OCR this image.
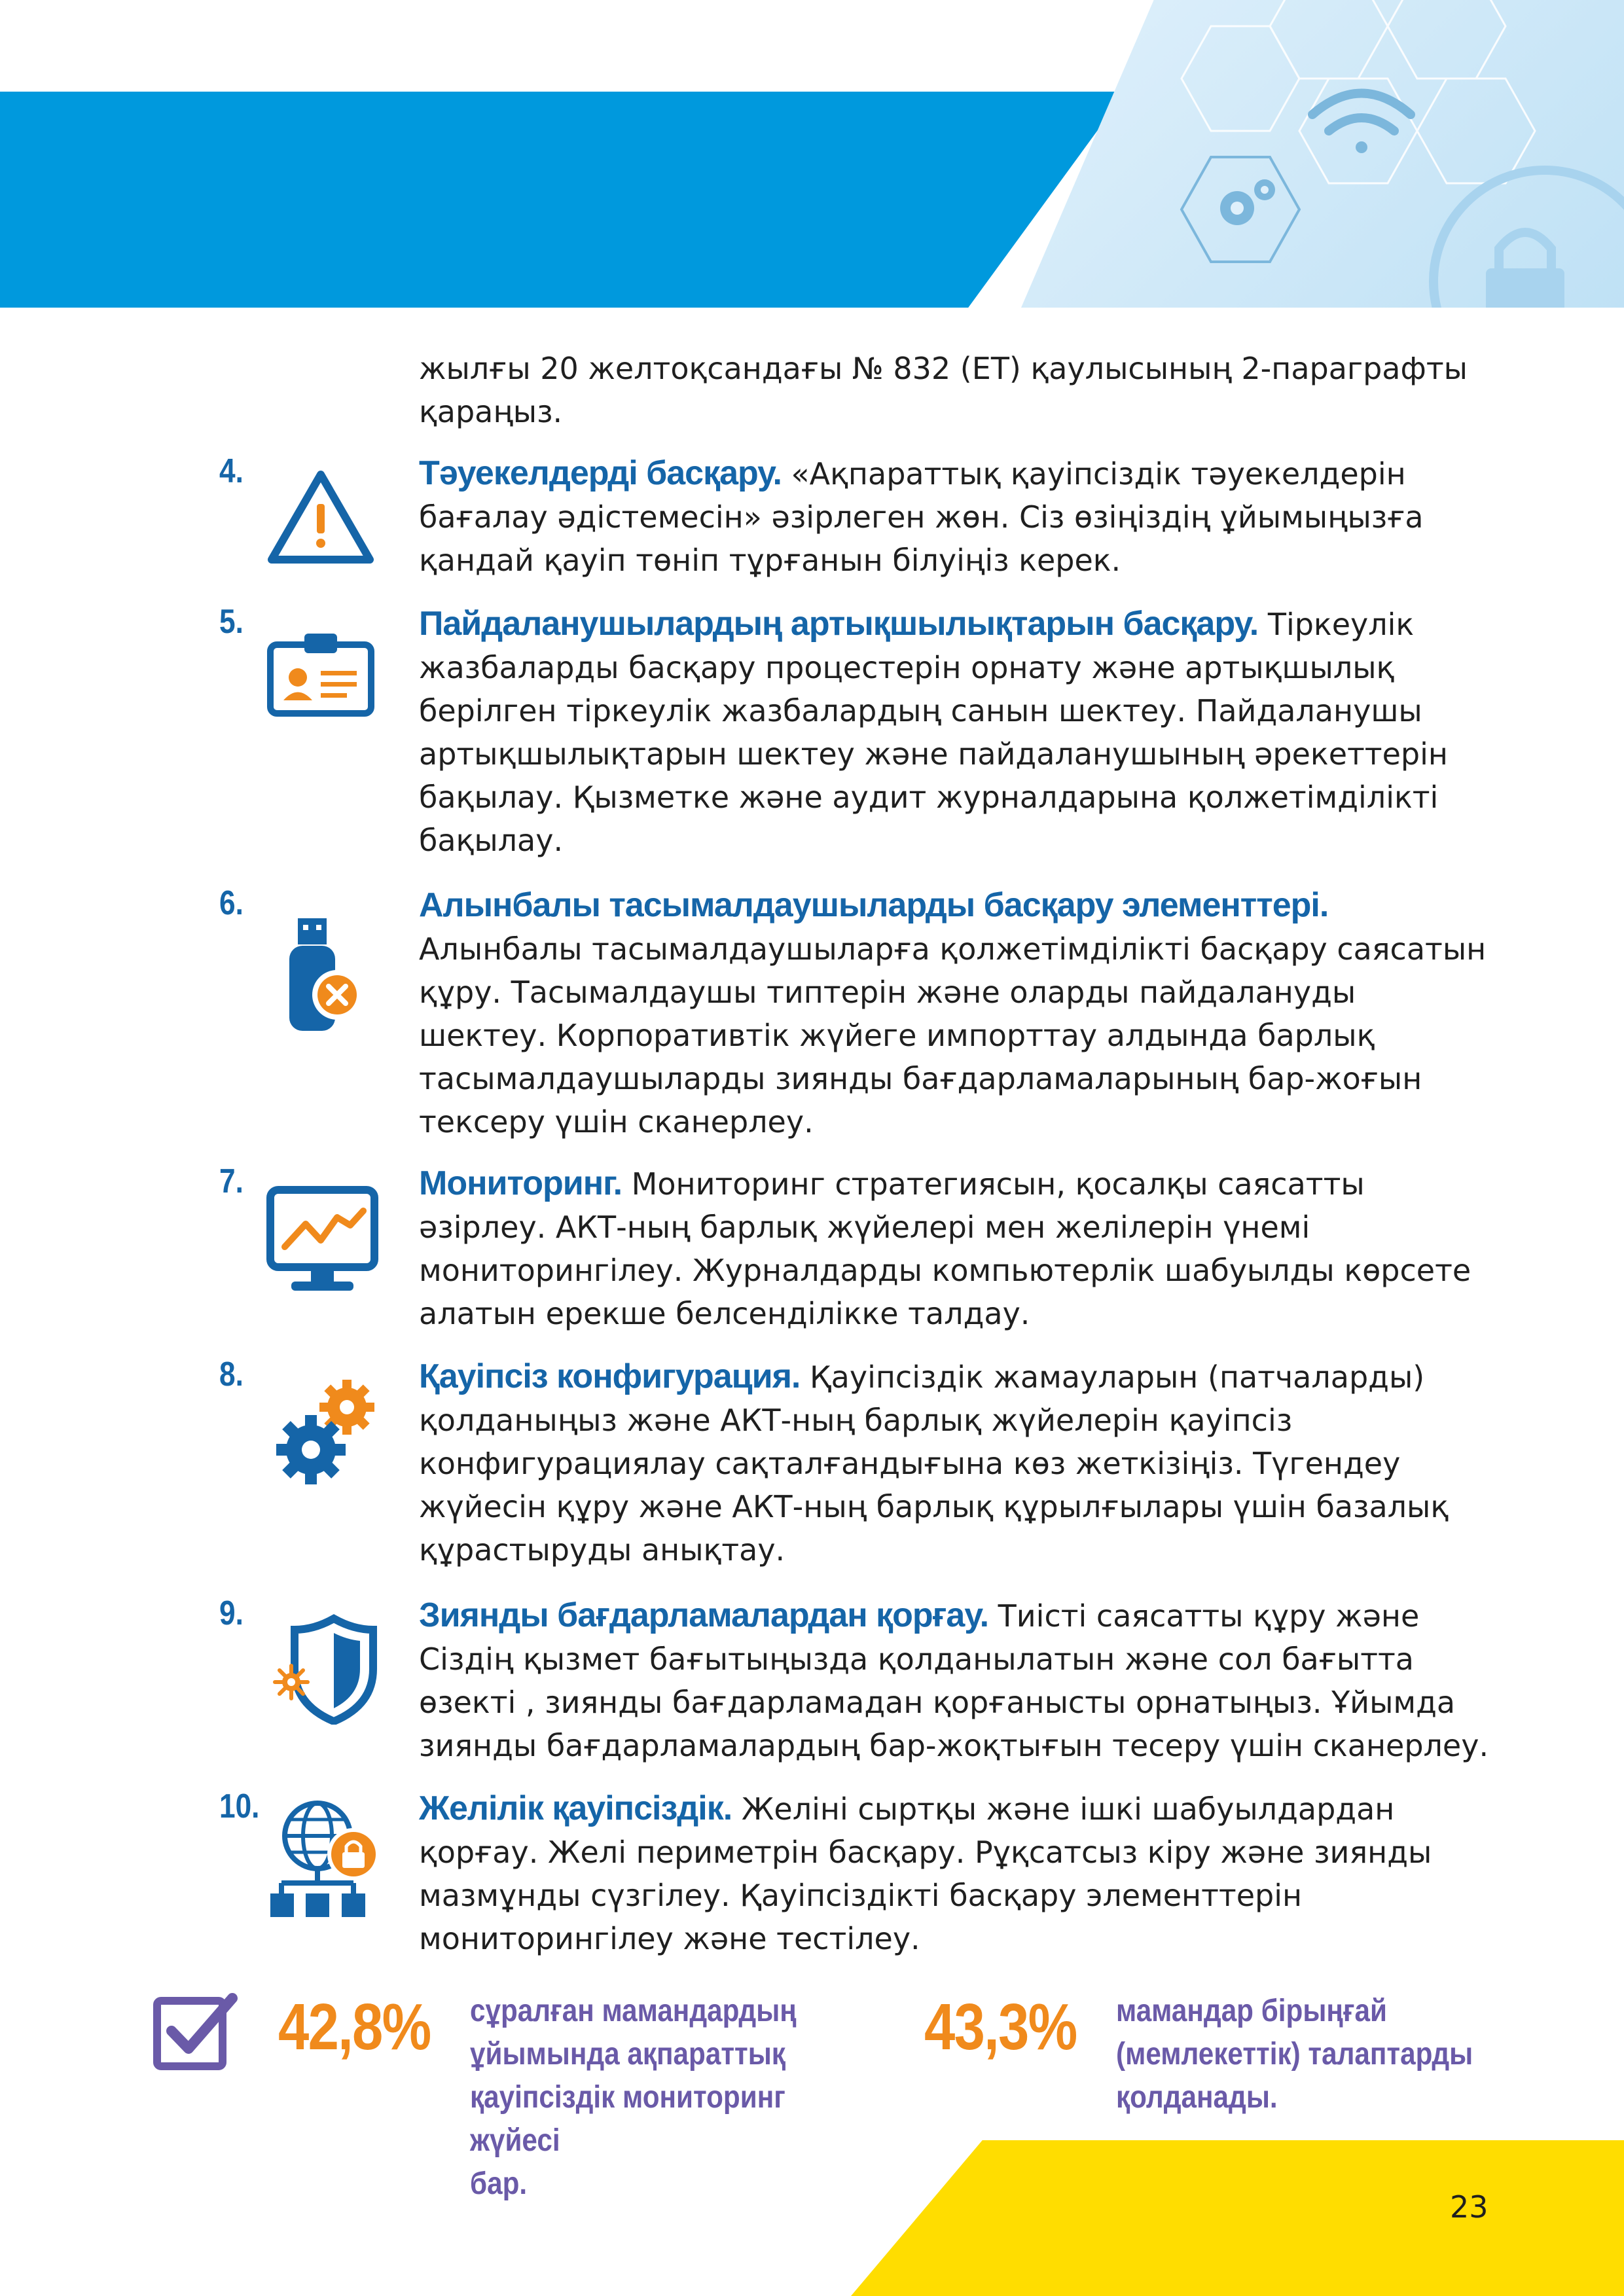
жылғы 20 желтоқсандағы № 832 (ЕТ) қаулысының 2-параграфты қараңыз.
4.	Тәуекелдерді басқару. «Ақпараттық қауіпсіздік тәуекелдерін бағалау әдістемесін» әзірлеген жөн. Сіз өзіңіздің ұйымыңызға қандай қауіп төніп тұрғанын білуіңіз керек.
5.	Пайдаланушылардың артықшылықтарын басқару. Тіркеулік жазбаларды басқару процестерін орнату және артықшылық берілген тіркеулік жазбалардың санын шектеу. Пайдаланушы артықшылықтарын шектеу және пайдаланушының әрекеттерін бақылау. Қызметке және аудит журналдарына қолжетімділікті бақылау.
6.	Алынбалы тасымалдаушыларды басқару элементтері. Алынбалы тасымалдаушыларға қолжетімділікті басқару саясатын құру. Тасымалдаушы типтерін және оларды пайдалануды шектеу. Корпоративтік жүйеге импорттау алдында барлық тасымалдаушыларды зиянды бағдарламаларының бар-жоғын тексеру үшін сканерлеу.
7.	Мониторинг. Мониторинг стратегиясын, қосалқы саясатты әзірлеу. АКТ-ның барлық жүйелері мен желілерін үнемі мониторингілеу. Журналдарды компьютерлік шабуылды көрсете алатын ерекше белсенділікке талдау.
8.	Қауіпсіз конфигурация. Қауіпсіздік жамауларын (патчаларды) қолданыңыз және АКТ-ның барлық жүйелерін қауіпсіз конфигурациялау сақталғандығына көз жеткізіңіз. Түгендеу жүйесін құру және АКТ-ның барлық құрылғылары үшін базалық құрастыруды анықтау.
9.	Зиянды бағдарламалардан қорғау. Тиісті саясатты құру және Сіздің қызмет бағытыңызда қолданылатын және сол бағытта өзекті , зиянды бағдарламадан қорғанысты орнатыңыз. Ұйымда зиянды бағдарламалардың бар-жоқтығын тесеру үшін сканерлеу.
10.	Желілік қауіпсіздік. Желіні сыртқы және ішкі шабуылдардан қорғау. Желі периметрін басқару. Рұқсатсыз кіру және зиянды мазмұнды сүзгілеу. Қауіпсіздікті басқару элементтерін мониторингілеу және тестілеу.
42,8% сұралған мамандардың
ұйымында ақпараттық
қауіпсіздік мониторинг жүйесі
бар.
43,3% мамандар бірыңғай
(мемлекеттік) талаптарды
қолданады.
23
